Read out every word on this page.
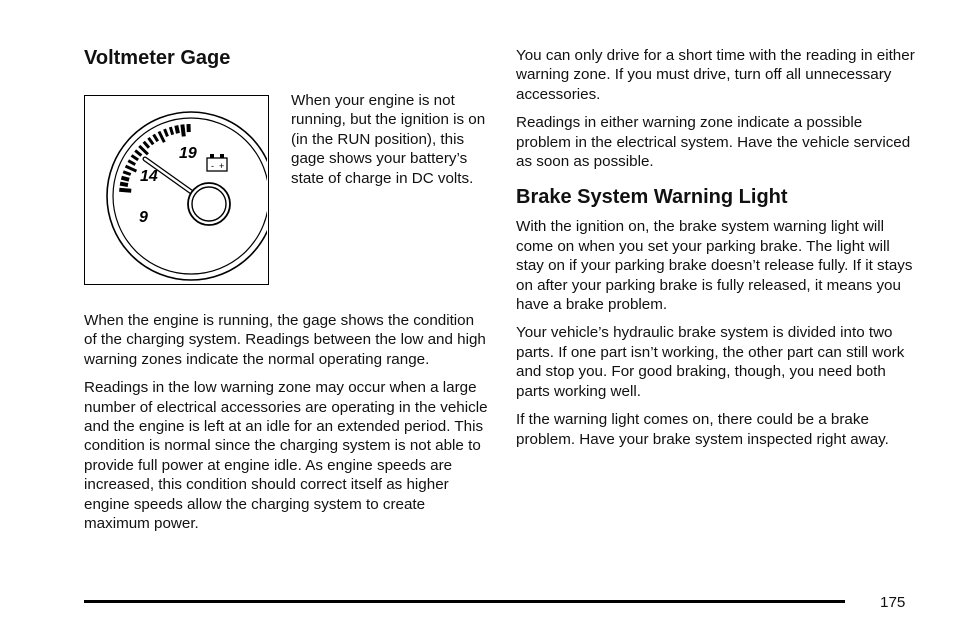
Voltmeter Gage
- +
19
14
9

When your engine is not running, but the ignition is on (in the RUN position), this gage shows your battery’s state of charge in DC volts.

When the engine is running, the gage shows the condition of the charging system. Readings between the low and high warning zones indicate the normal operating range.

Readings in the low warning zone may occur when a large number of electrical accessories are operating in the vehicle and the engine is left at an idle for an extended period. This condition is normal since the charging system is not able to provide full power at engine idle. As engine speeds are increased, this condition should correct itself as higher engine speeds allow the charging system to create maximum power.

You can only drive for a short time with the reading in either warning zone. If you must drive, turn off all unnecessary accessories.

Readings in either warning zone indicate a possible problem in the electrical system. Have the vehicle serviced as soon as possible.

Brake System Warning Light

With the ignition on, the brake system warning light will come on when you set your parking brake. The light will stay on if your parking brake doesn’t release fully. If it stays on after your parking brake is fully released, it means you have a brake problem.

Your vehicle’s hydraulic brake system is divided into two parts. If one part isn’t working, the other part can still work and stop you. For good braking, though, you need both parts working well.

If the warning light comes on, there could be a brake problem. Have your brake system inspected right away.

175
